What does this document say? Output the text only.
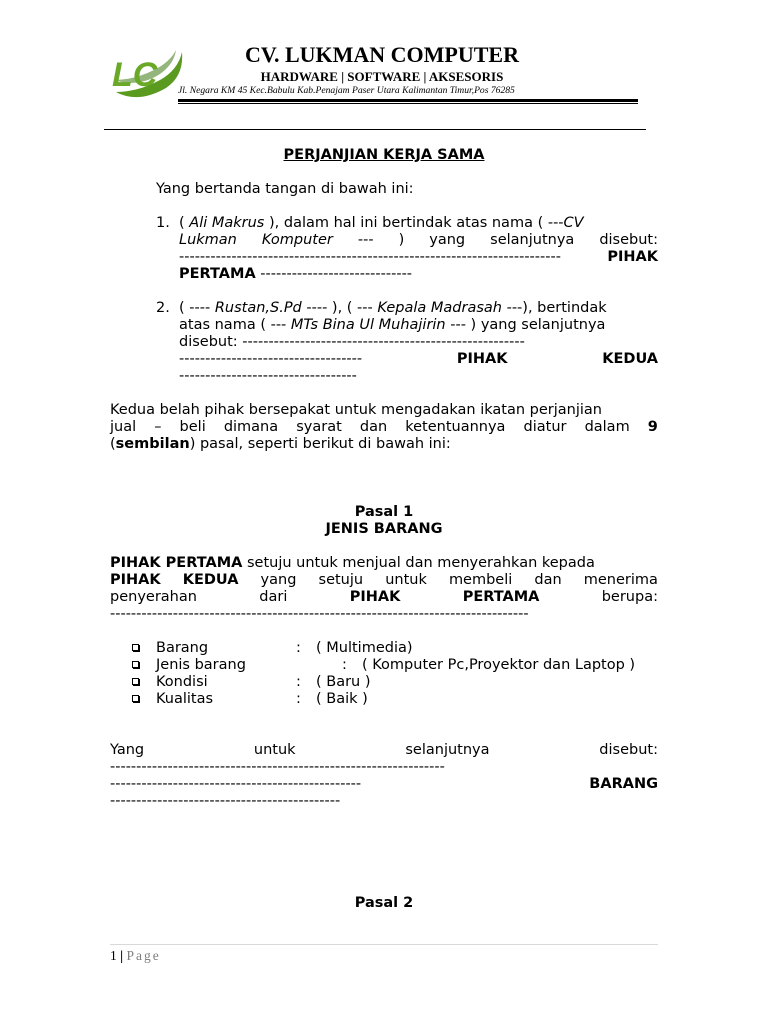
LC
CV. LUKMAN COMPUTER
HARDWARE | SOFTWARE | AKSESORIS
Jl. Negara KM 45 Kec.Babulu Kab.Penajam Paser Utara Kalimantan Timur,Pos 76285
PERJANJIAN KERJA SAMA
Yang bertanda tangan di bawah ini:
1. ( Ali Makrus ), dalam hal ini bertindak atas nama ( ---CV
Lukman Komputer --- ) yang selanjutnya disebut:
-------------------------------------------------------------------------	PIHAK
PERTAMA -----------------------------
2. ( ---- Rustan,S.Pd ---- ), ( --- Kepala Madrasah ---), bertindak
atas nama ( --- MTs Bina Ul Muhajirin --- ) yang selanjutnya
disebut: ------------------------------------------------------
-----------------------------------	PIHAK	KEDUA
----------------------------------
Kedua belah pihak bersepakat untuk mengadakan ikatan perjanjian
jual – beli dimana syarat dan ketentuannya diatur dalam 9
(sembilan) pasal, seperti berikut di bawah ini:
Pasal 1
JENIS BARANG
PIHAK PERTAMA setuju untuk menjual dan menyerahkan kepada
PIHAK KEDUA yang setuju untuk membeli dan menerima
penyerahan	dari	PIHAK	PERTAMA	berupa:
--------------------------------------------------------------------------------
Barang	: ( Multimedia)
Jenis barang	: ( Komputer Pc,Proyektor dan Laptop )
Kondisi	: ( Baru )
Kualitas	: ( Baik )
Yang	untuk	selanjutnya	disebut:
----------------------------------------------------------------
------------------------------------------------	BARANG
--------------------------------------------
Pasal 2
1 | Page
